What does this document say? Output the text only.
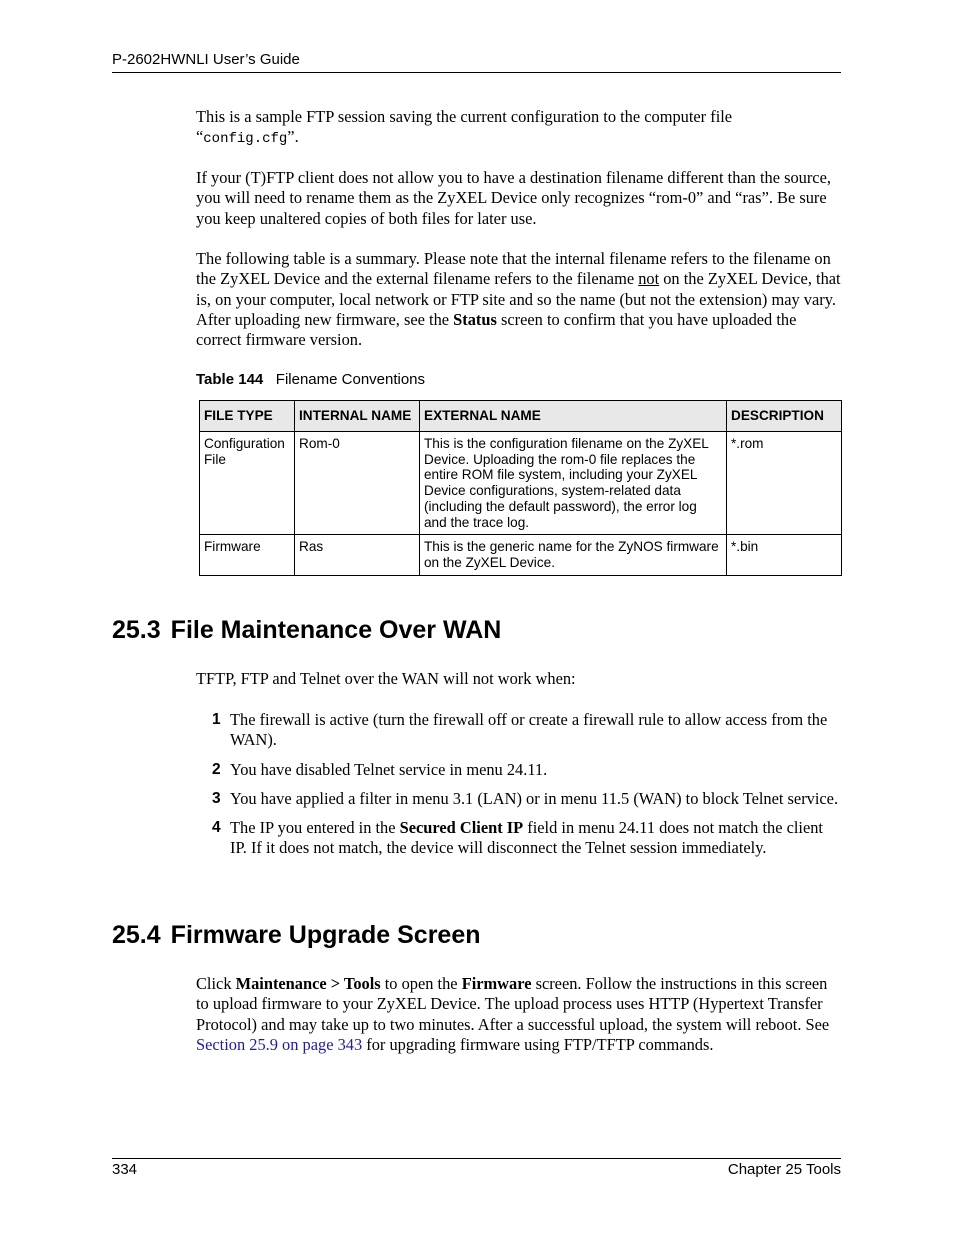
P-2602HWNLI User’s Guide

This is a sample FTP session saving the current configuration to the computer file
“config.cfg”.

If your (T)FTP client does not allow you to have a destination filename different than the source, you will need to rename them as the ZyXEL Device only recognizes “rom-0” and “ras”. Be sure you keep unaltered copies of both files for later use.

The following table is a summary. Please note that the internal filename refers to the filename on the ZyXEL Device and the external filename refers to the filename not on the ZyXEL Device, that is, on your computer, local network or FTP site and so the name (but not the extension) may vary. After uploading new firmware, see the Status screen to confirm that you have uploaded the correct firmware version.

Table 144 Filename Conventions
FILE TYPE	INTERNAL NAME	EXTERNAL NAME	DESCRIPTION
Configuration File	Rom-0	This is the configuration filename on the ZyXEL Device. Uploading the rom-0 file replaces the entire ROM file system, including your ZyXEL Device configurations, system-related data (including the default password), the error log and the trace log.	*.rom
Firmware	Ras	This is the generic name for the ZyNOS firmware on the ZyXEL Device.	*.bin
25.3 File Maintenance Over WAN

TFTP, FTP and Telnet over the WAN will not work when:

1 The firewall is active (turn the firewall off or create a firewall rule to allow access from the WAN).
2 You have disabled Telnet service in menu 24.11.
3 You have applied a filter in menu 3.1 (LAN) or in menu 11.5 (WAN) to block Telnet service.
4 The IP you entered in the Secured Client IP field in menu 24.11 does not match the client IP. If it does not match, the device will disconnect the Telnet session immediately.
25.4 Firmware Upgrade Screen

Click Maintenance > Tools to open the Firmware screen. Follow the instructions in this screen to upload firmware to your ZyXEL Device. The upload process uses HTTP (Hypertext Transfer Protocol) and may take up to two minutes. After a successful upload, the system will reboot. See Section 25.9 on page 343 for upgrading firmware using FTP/TFTP commands.

334	Chapter 25 Tools
